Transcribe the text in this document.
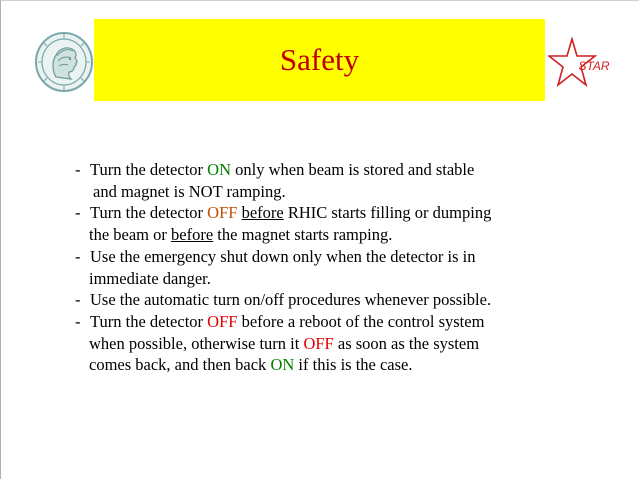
Safety	STAR
- Turn the detector ON only when beam is stored and stable
and magnet is NOT ramping.
- Turn the detector OFF before RHIC starts filling or dumping
the beam or before the magnet starts ramping.
- Use the emergency shut down only when the detector is in
immediate danger.
- Use the automatic turn on/off procedures whenever possible.
- Turn the detector OFF before a reboot of the control system
when possible, otherwise turn it OFF as soon as the system
comes back, and then back ON if this is the case.
